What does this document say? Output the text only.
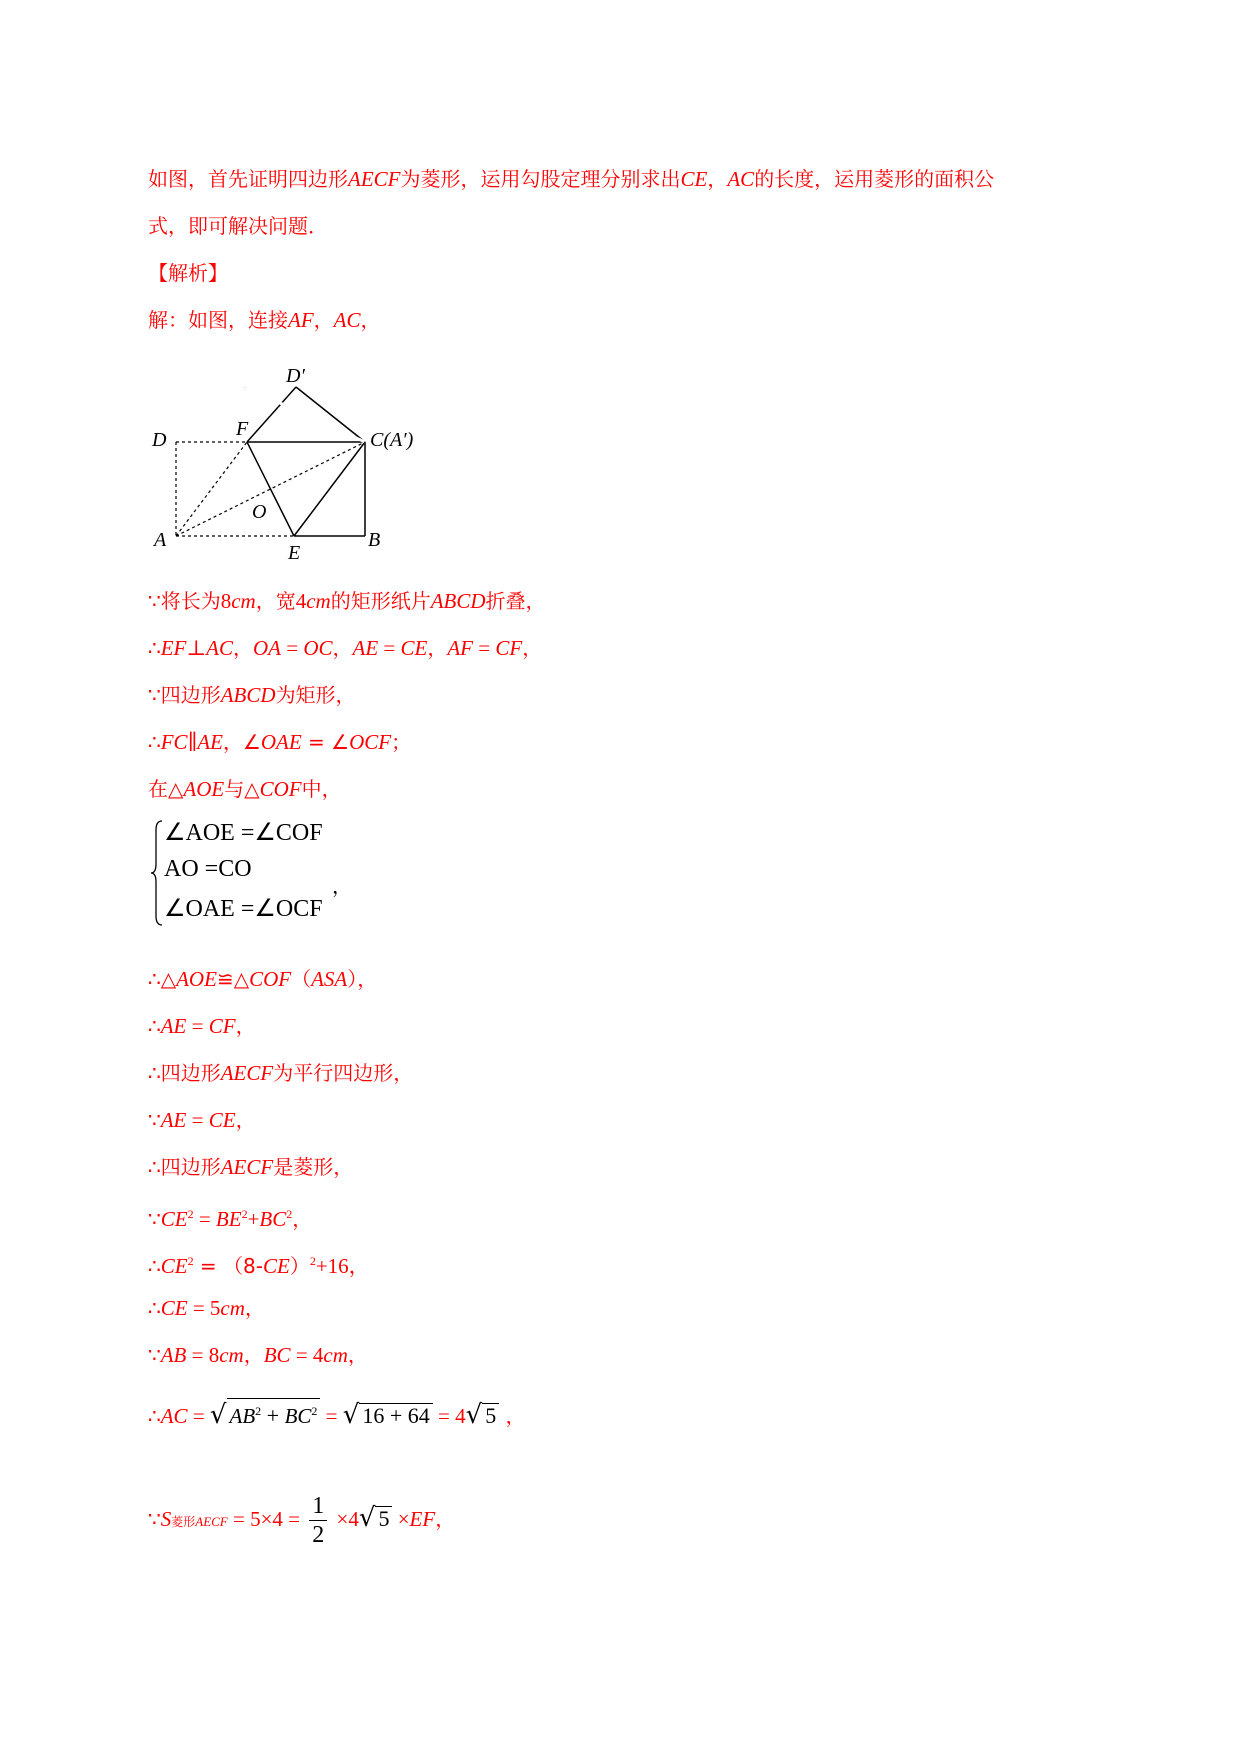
如图，首先证明四边形AECF为菱形，运用勾股定理分别求出CE，AC的长度，运用菱形的面积公
式，即可解决问题．
【解析】
解：如图，连接AF，AC，
D′
D	F	C(A′)
O
A
E
B
∵将长为8cm，宽4cm的矩形纸片ABCD折叠，
∴EF⊥AC，OA = OC，AE = CE，AF = CF，
∵四边形ABCD为矩形，
∴FC∥AE，∠OAE = ∠OCF；
在△AOE与△COF中，
∠AOE =∠COF
AO =CO
∠OAE =∠OCF
，
∴△AOE≌△COF（ASA），
∴AE = CF，
∴四边形AECF为平行四边形，
∵AE = CE，
∴四边形AECF是菱形，
$\because CE^2 = BE^2+BC^2$，
$\therefore CE^2 = (8-CE)^2+16$，
∴CE = 5cm，
∵AB = 8cm，BC = 4cm，
∴AC = √ $AB^2 + BC^2$ = √ 16 + 64 = 4√ 5 ，
∵S菱形AECF = $5\times 4 = \frac{1}{2} \times 4√$ 5 ×EF，
